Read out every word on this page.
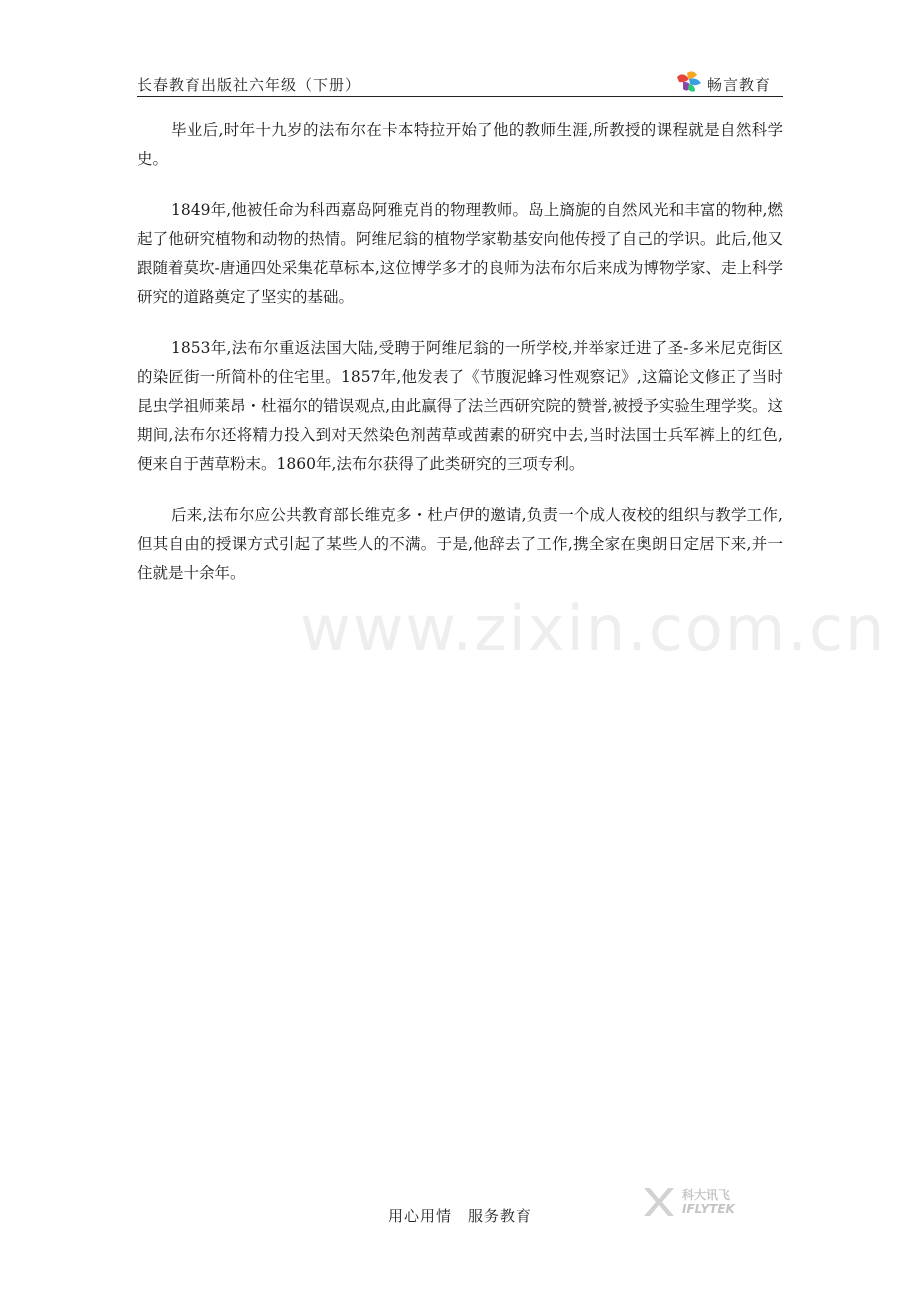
长春教育出版社六年级（下册）	畅言教育

毕业后,时年十九岁的法布尔在卡本特拉开始了他的教师生涯,所教授的课程就是自然科学史。

1849年,他被任命为科西嘉岛阿雅克肖的物理教师。岛上旖旎的自然风光和丰富的物种,燃起了他研究植物和动物的热情。阿维尼翁的植物学家勒基安向他传授了自己的学识。此后,他又跟随着莫坎-唐通四处采集花草标本,这位博学多才的良师为法布尔后来成为博物学家、走上科学研究的道路奠定了坚实的基础。

1853年,法布尔重返法国大陆,受聘于阿维尼翁的一所学校,并举家迁进了圣-多米尼克街区的染匠街一所简朴的住宅里。1857年,他发表了《节腹泥蜂习性观察记》,这篇论文修正了当时昆虫学祖师莱昂・杜福尔的错误观点,由此赢得了法兰西研究院的赞誉,被授予实验生理学奖。这期间,法布尔还将精力投入到对天然染色剂茜草或茜素的研究中去,当时法国士兵军裤上的红色,便来自于茜草粉末。1860年,法布尔获得了此类研究的三项专利。

后来,法布尔应公共教育部长维克多・杜卢伊的邀请,负责一个成人夜校的组织与教学工作,但其自由的授课方式引起了某些人的不满。于是,他辞去了工作,携全家在奥朗日定居下来,并一住就是十余年。

www.zixin.com.cn
用心用情　服务教育
科大讯飞
IFLYTEK
